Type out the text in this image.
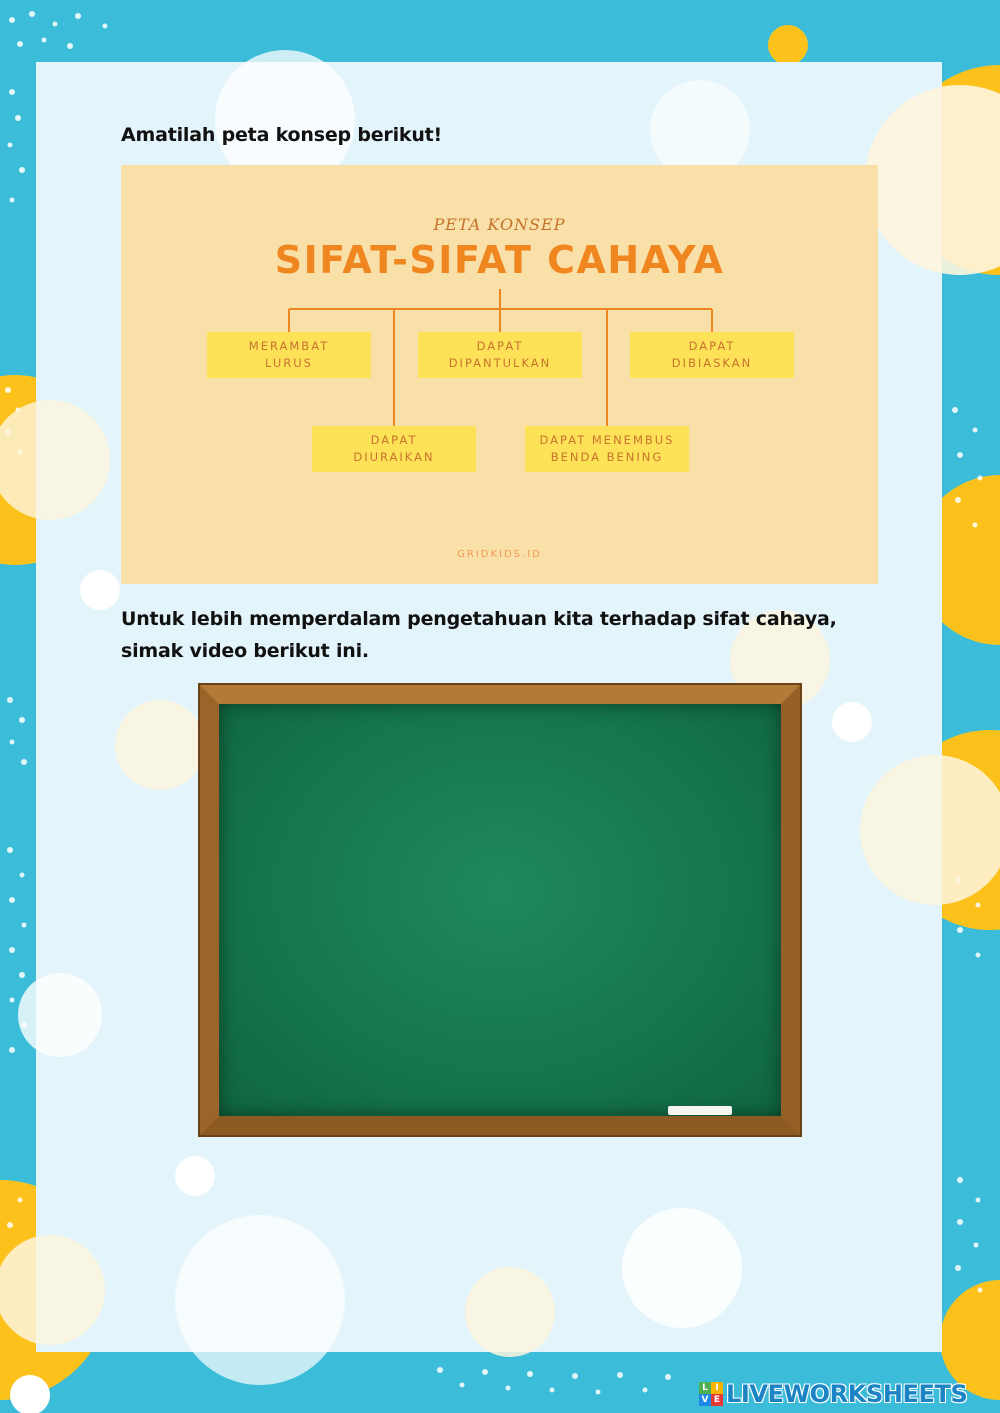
Amatilah peta konsep berikut!

PETA KONSEP
SIFAT-SIFAT CAHAYA
MERAMBAT
LURUS
DAPAT
DIPANTULKAN
DAPAT
DIBIASKAN
DAPAT
DIURAIKAN
DAPAT MENEMBUS
BENDA BENING
GRIDKIDS.ID

Untuk lebih memperdalam pengetahuan kita terhadap sifat cahaya, simak video berikut ini.

L I
V E LIVEWORKSHEETS
